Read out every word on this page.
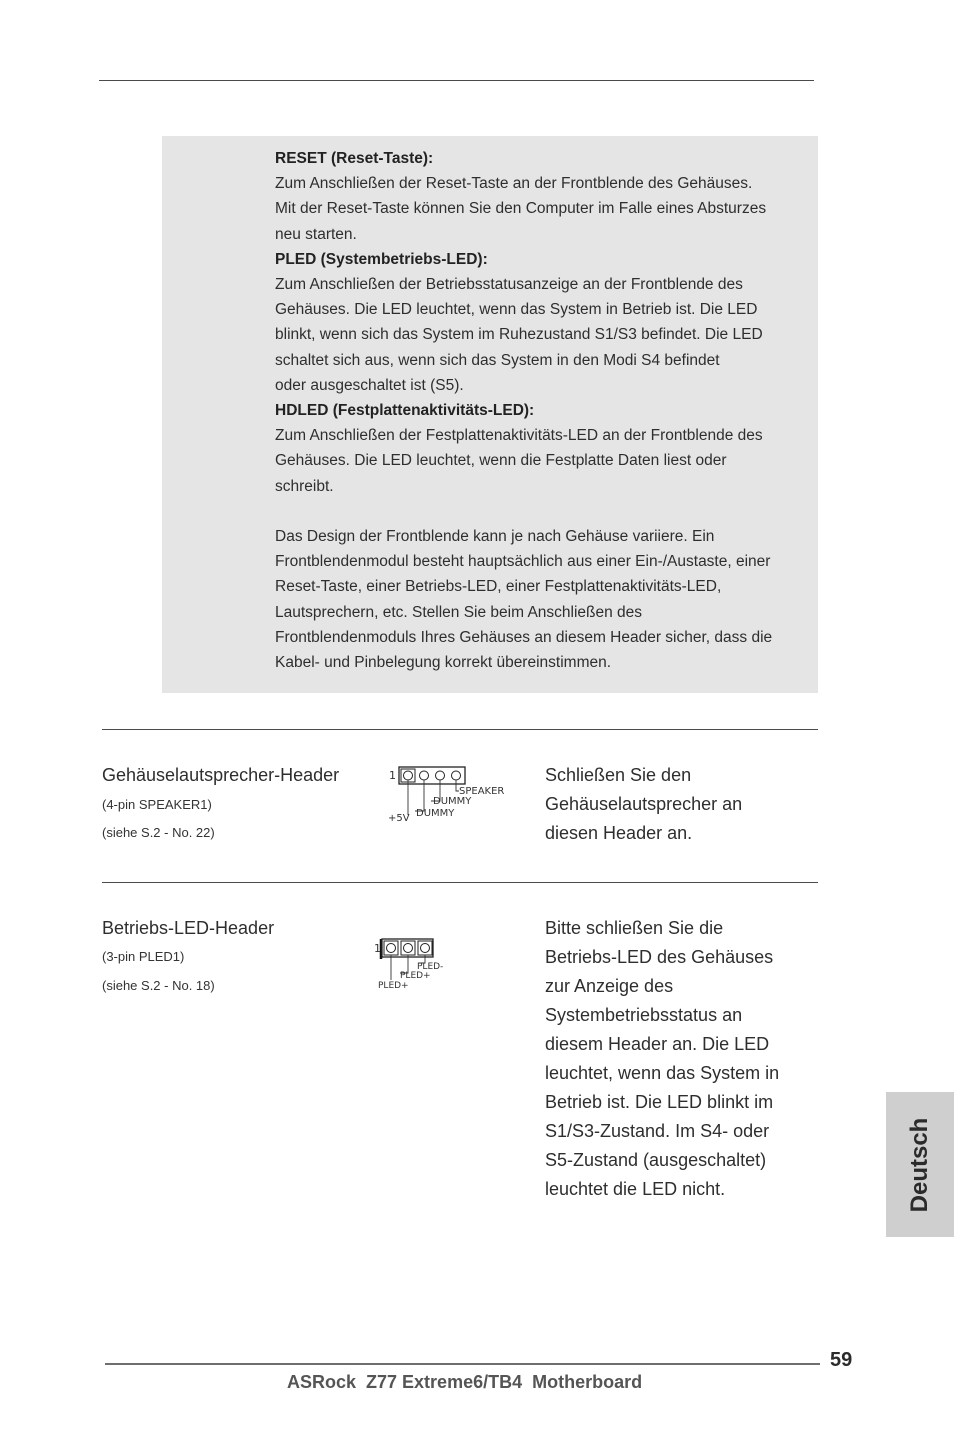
RESET (Reset-Taste):

Zum Anschließen der Reset-Taste an der Frontblende des Gehäuses.

Mit der Reset-Taste können Sie den Computer im Falle eines Absturzes

neu starten.

PLED (Systembetriebs-LED):

Zum Anschließen der Betriebsstatusanzeige an der Frontblende des

Gehäuses. Die LED leuchtet, wenn das System in Betrieb ist. Die LED

blinkt, wenn sich das System im Ruhezustand S1/S3 befindet. Die LED

schaltet sich aus, wenn sich das System in den Modi S4 befindet

oder ausgeschaltet ist (S5).

HDLED (Festplattenaktivitäts-LED):

Zum Anschließen der Festplattenaktivitäts-LED an der Frontblende des

Gehäuses. Die LED leuchtet, wenn die Festplatte Daten liest oder

schreibt.

Das Design der Frontblende kann je nach Gehäuse variiere. Ein

Frontblendenmodul besteht hauptsächlich aus einer Ein-/Austaste, einer

Reset-Taste, einer Betriebs-LED, einer Festplattenaktivitäts-LED,

Lautsprechern, etc. Stellen Sie beim Anschließen des

Frontblendenmoduls Ihres Gehäuses an diesem Header sicher, dass die

Kabel- und Pinbelegung korrekt übereinstimmen.

Gehäuselautsprecher-Header
(4-pin SPEAKER1)
(siehe S.2 - No. 22)
1
SPEAKER
DUMMY
+5V DUMMY
Schließen Sie den
Gehäuselautsprecher an
diesen Header an.
Betriebs-LED-Header
(3-pin PLED1)
(siehe S.2 - No. 18)
1
PLED-
PLED+
PLED+
Bitte schließen Sie die
Betriebs-LED des Gehäuses
zur Anzeige des
Systembetriebsstatus an
diesem Header an. Die LED
leuchtet, wenn das System in
Betrieb ist. Die LED blinkt im
S1/S3-Zustand. Im S4- oder
S5-Zustand (ausgeschaltet)
leuchtet die LED nicht.	Deutsch
59
ASRock  Z77 Extreme6/TB4  Motherboard
